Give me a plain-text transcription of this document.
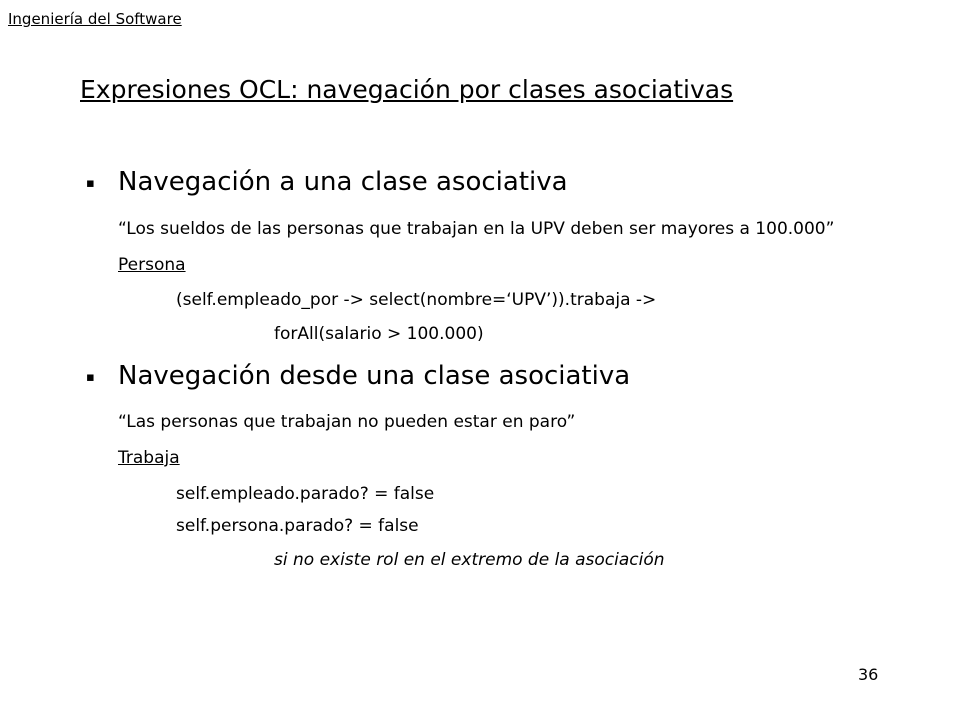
Ingeniería del Software
Expresiones OCL: navegación por clases asociativas
▪ Navegación a una clase asociativa
“Los sueldos de las personas que trabajan en la UPV deben ser mayores a 100.000”
Persona
(self.empleado_por -> select(nombre=‘UPV’)).trabaja ->
forAll(salario > 100.000)
▪ Navegación desde una clase asociativa
“Las personas que trabajan no pueden estar en paro”
Trabaja
self.empleado.parado? = false
self.persona.parado? = false
si no existe rol en el extremo de la asociación
36
